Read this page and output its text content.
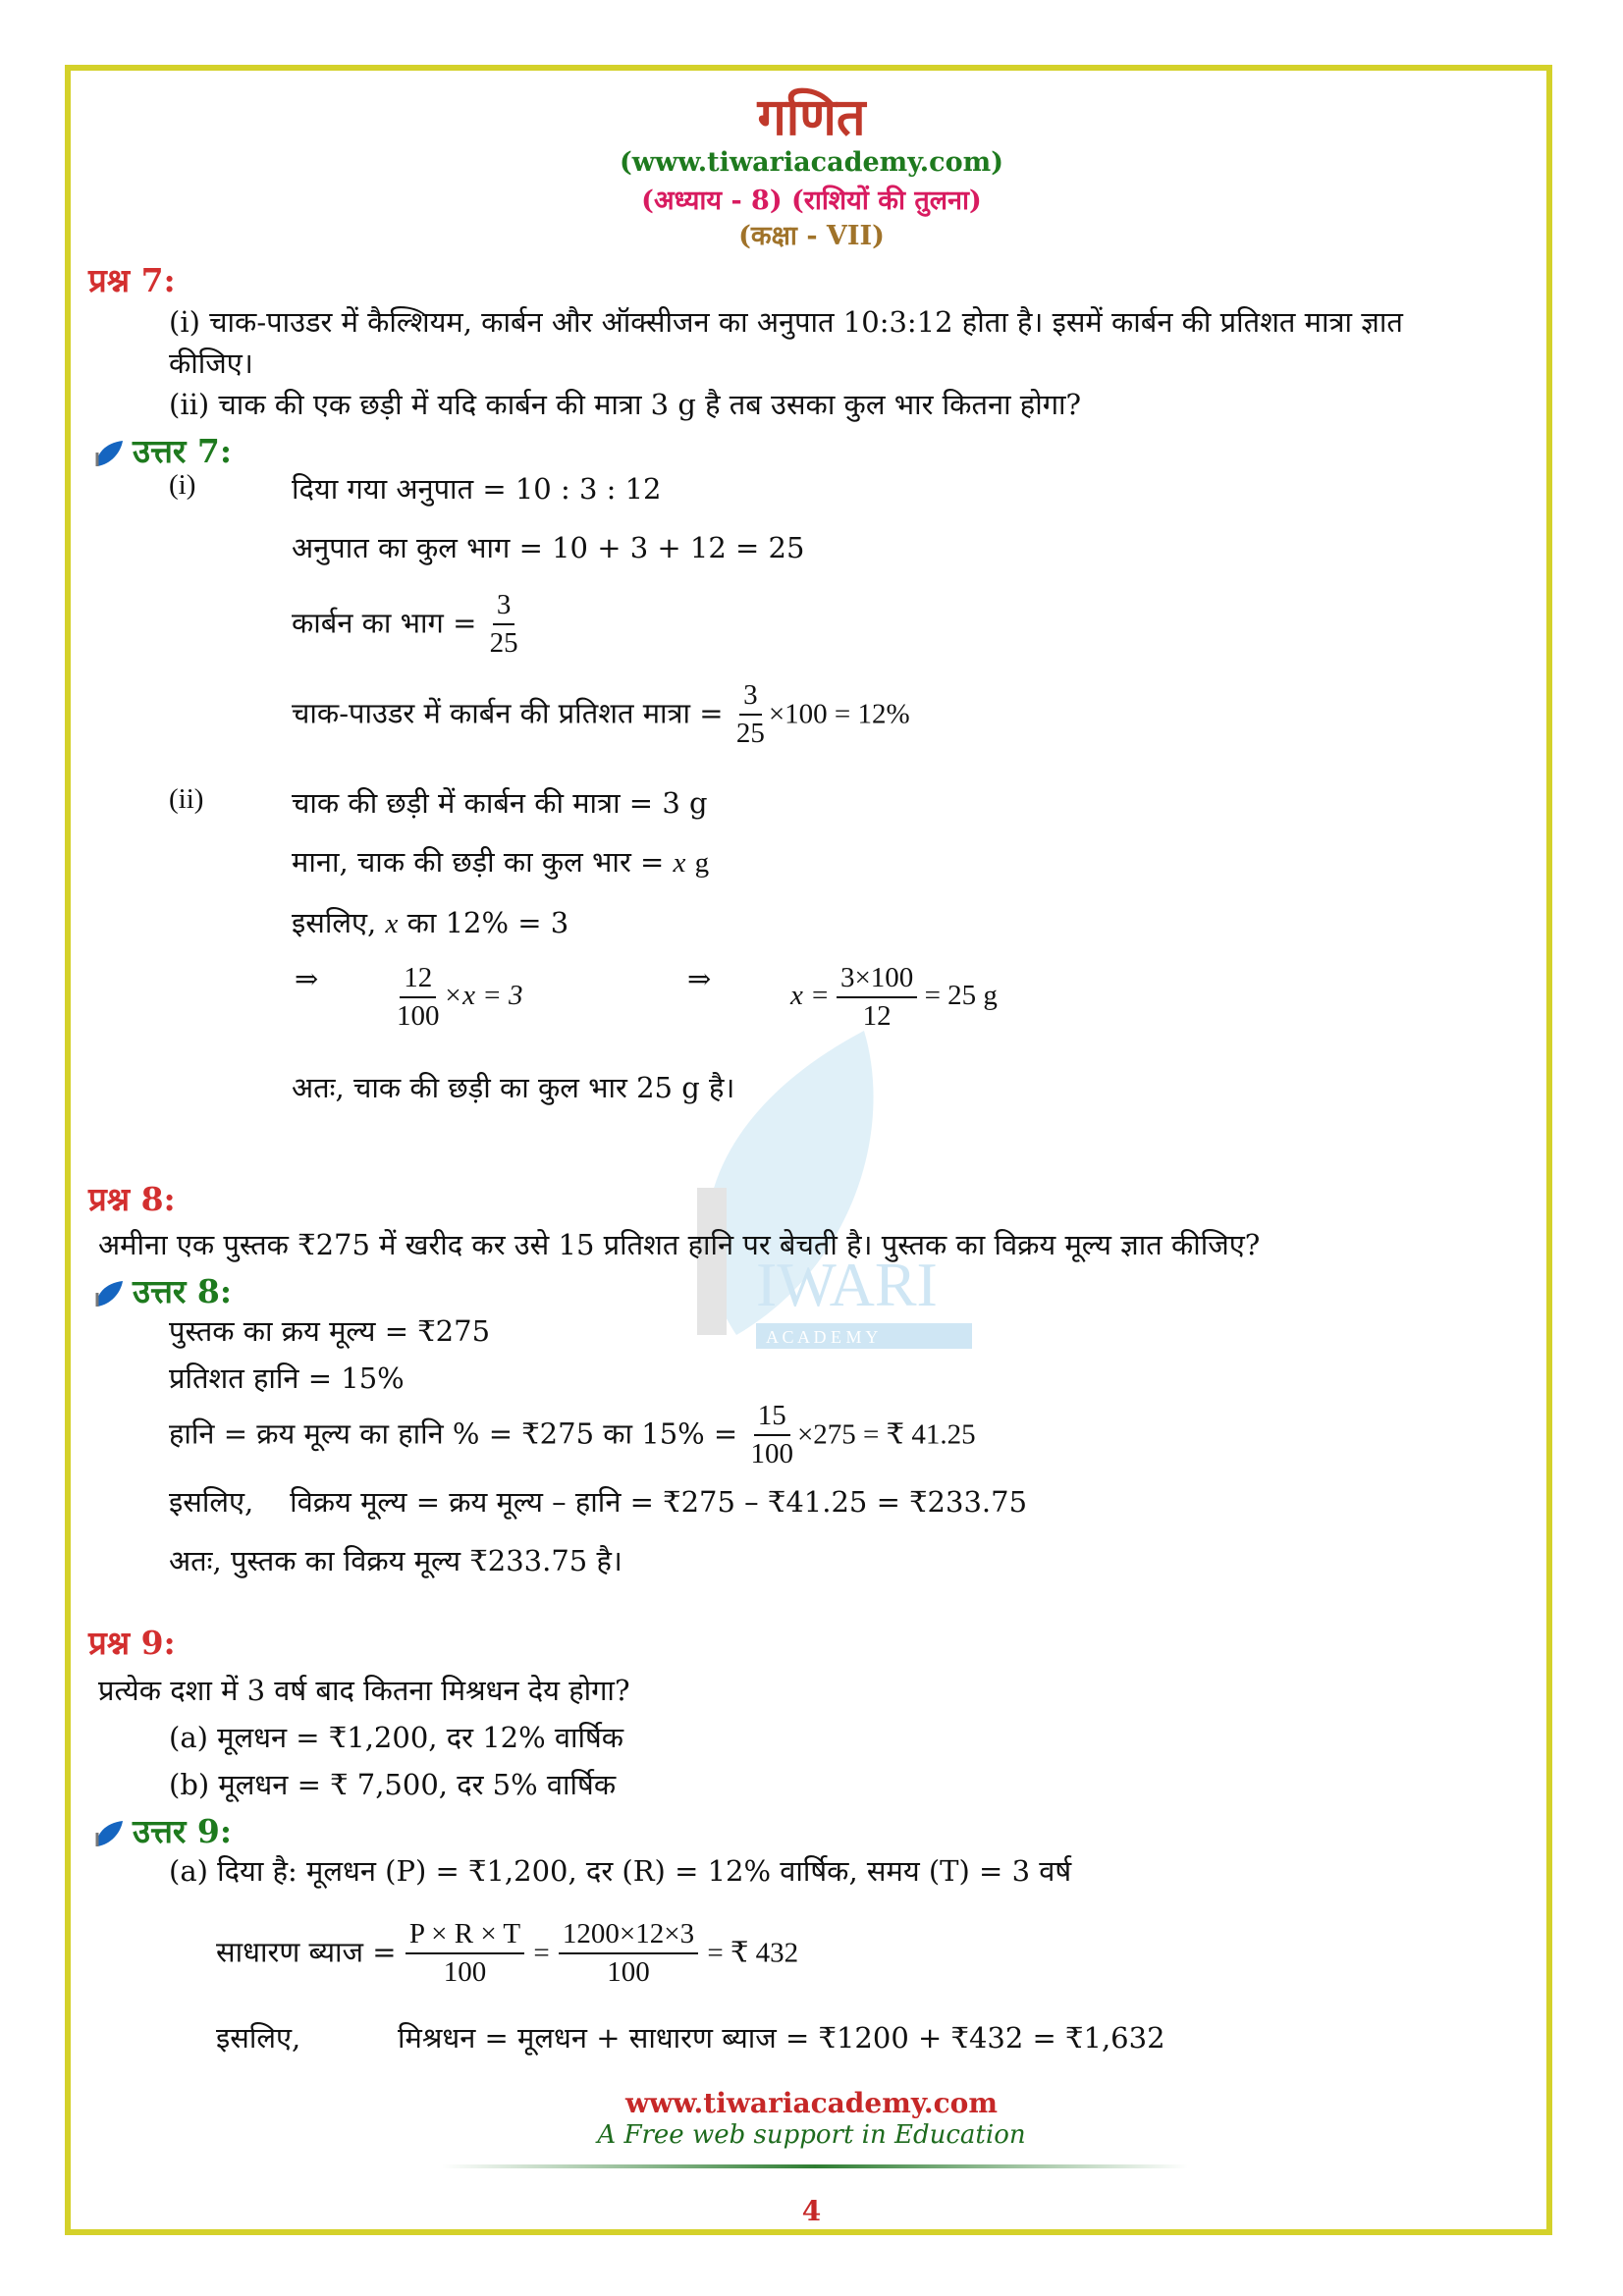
IWARI
A C A D E M Y
गणित
(www.tiwariacademy.com)
(अध्याय - 8) (राशियों की तुलना)
(कक्षा - VII)
प्रश्न 7:
(i) चाक-पाउडर में कैल्शियम, कार्बन और ऑक्सीजन का अनुपात 10:3:12 होता है। इसमें कार्बन की प्रतिशत मात्रा ज्ञात
कीजिए।
(ii) चाक की एक छड़ी में यदि कार्बन की मात्रा 3 g है तब उसका कुल भार कितना होगा?
उत्तर 7:
(i)	दिया गया अनुपात = 10 : 3 : 12
अनुपात का कुल भाग = 10 + 3 + 12 = 25
कार्बन का भाग = $\frac{3}{25}$
चाक-पाउडर में कार्बन की प्रतिशत मात्रा = $\frac{3}{25} \times 100 = 12\%$
(ii)	चाक की छड़ी में कार्बन की मात्रा = 3 g
माना, चाक की छड़ी का कुल भार = x g
इसलिए, x का 12% = 3
⇒	$\frac{12}{100} \times x = 3$	⇒	$x = \frac{3\times 100}{12} = 25$ g
अतः, चाक की छड़ी का कुल भार 25 g है।
प्रश्न 8:
अमीना एक पुस्तक ₹275 में खरीद कर उसे 15 प्रतिशत हानि पर बेचती है। पुस्तक का विक्रय मूल्य ज्ञात कीजिए?
उत्तर 8:
पुस्तक का क्रय मूल्य = ₹275
प्रतिशत हानि = 15%
हानि = क्रय मूल्य का हानि % = ₹275 का $15\% = \frac{15}{100} \times 275$ = ₹ 41.25
इसलिए,    विक्रय मूल्य = क्रय मूल्य – हानि = ₹275 – ₹41.25 = ₹233.75
अतः, पुस्तक का विक्रय मूल्य ₹233.75 है।
प्रश्न 9:
प्रत्येक दशा में 3 वर्ष बाद कितना मिश्रधन देय होगा?
(a) मूलधन = ₹1,200, दर 12% वार्षिक
(b) मूलधन = ₹ 7,500, दर 5% वार्षिक
उत्तर 9:
(a) दिया है: मूलधन (P) = ₹1,200, दर (R) = 12% वार्षिक, समय (T) = 3 वर्ष
साधारण ब्याज = $\frac{P \times R \times T}{100} = \frac{1200\times 12\times 3}{100}$ = ₹ 432
इसलिए,	मिश्रधन = मूलधन + साधारण ब्याज = ₹1200 + ₹432 = ₹1,632
www.tiwariacademy.com
A Free web support in Education
4
